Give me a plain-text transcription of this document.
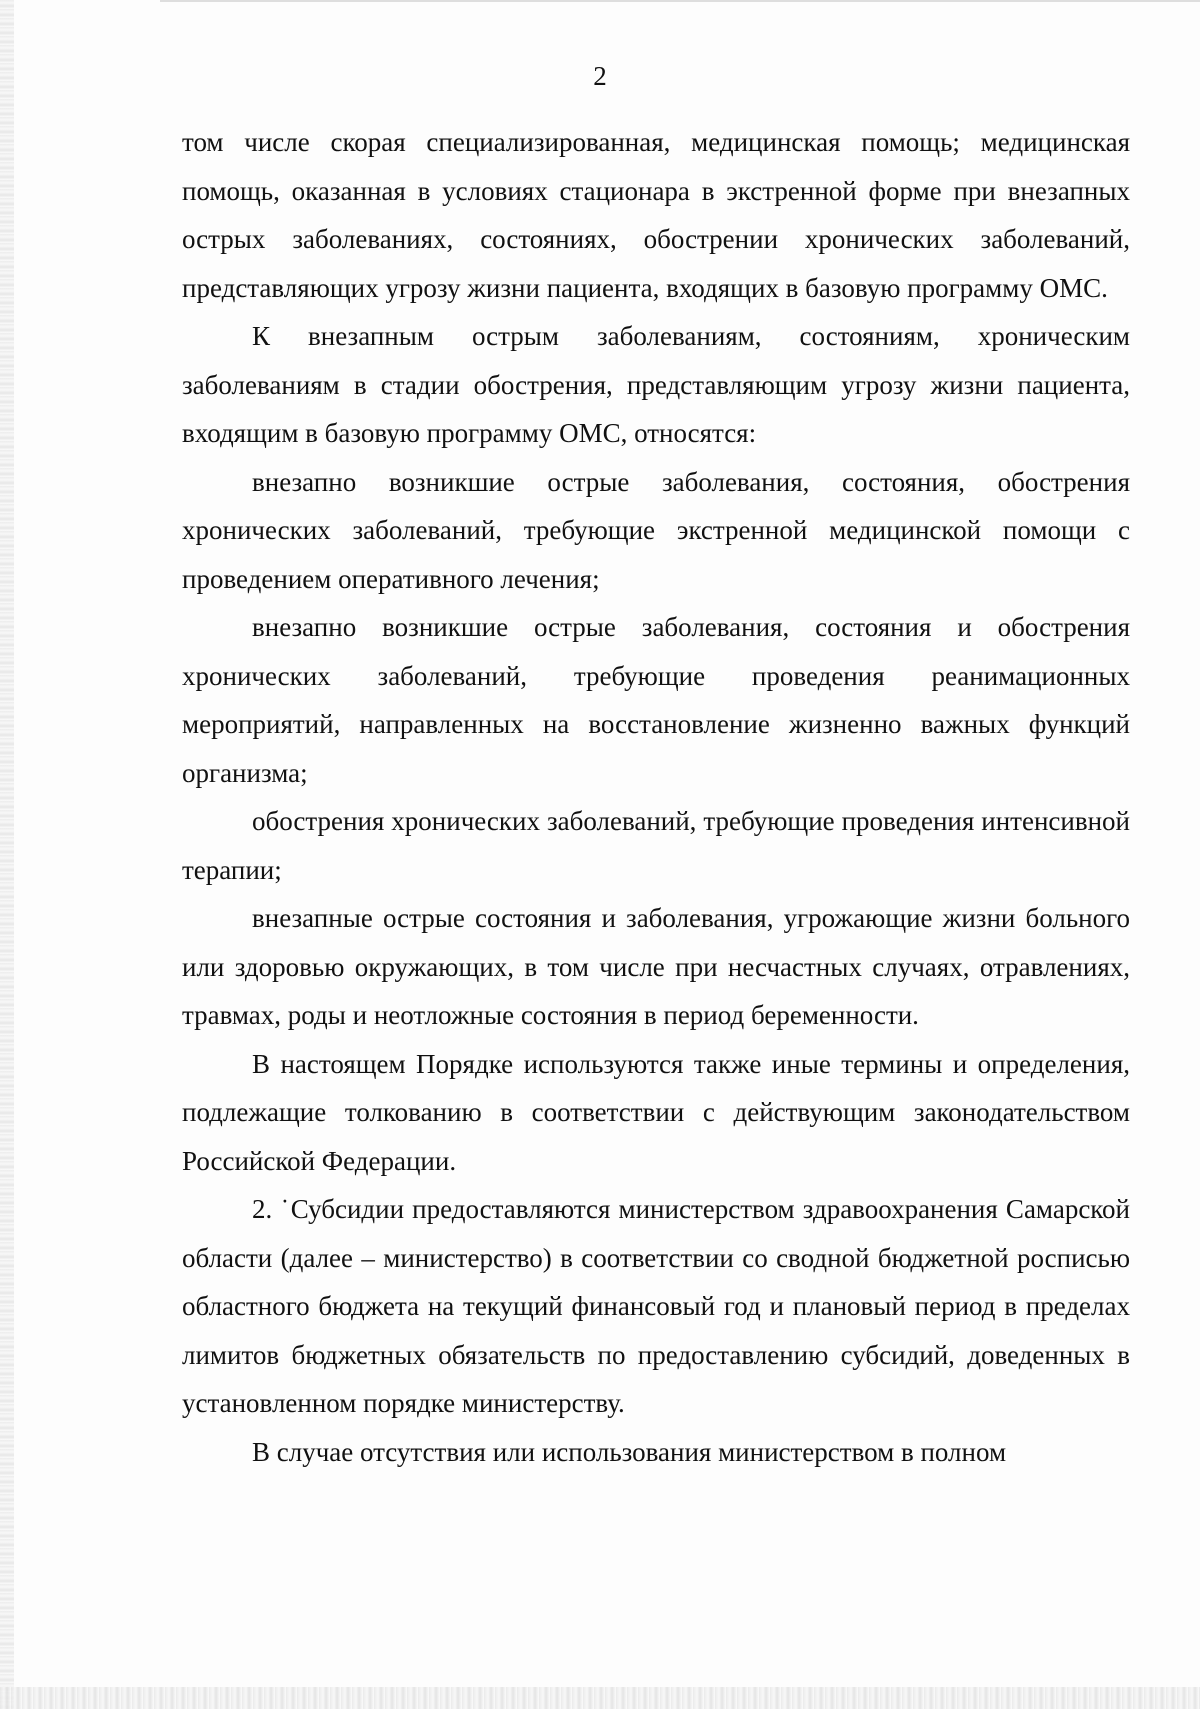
2

том числе скорая специализированная, медицинская помощь; медицинская помощь, оказанная в условиях стационара в экстренной форме при внезапных острых заболеваниях, состояниях, обострении хронических заболеваний, представляющих угрозу жизни пациента, входящих в базовую программу ОМС.

К внезапным острым заболеваниям, состояниям, хроническим заболеваниям в стадии обострения, представляющим угрозу жизни пациента, входящим в базовую программу ОМС, относятся:

внезапно возникшие острые заболевания, состояния, обострения хронических заболеваний, требующие экстренной медицинской помощи с проведением оперативного лечения;

внезапно возникшие острые заболевания, состояния и обострения хронических заболеваний, требующие проведения реанимационных мероприятий, направленных на восстановление жизненно важных функций организма;

обострения хронических заболеваний, требующие проведения интенсивной терапии;

внезапные острые состояния и заболевания, угрожающие жизни больного или здоровью окружающих, в том числе при несчастных случаях, отравлениях, травмах, роды и неотложные состояния в период беременности.

В настоящем Порядке используются также иные термины и определения, подлежащие толкованию в соответствии с действующим законодательством Российской Федерации.

2. ˙Субсидии предоставляются министерством здравоохранения Самарской области (далее – министерство) в соответствии со сводной бюджетной росписью областного бюджета на текущий финансовый год и плановый период в пределах лимитов бюджетных обязательств по предоставлению субсидий, доведенных в установленном порядке министерству.

В случае отсутствия или использования министерством в полном
